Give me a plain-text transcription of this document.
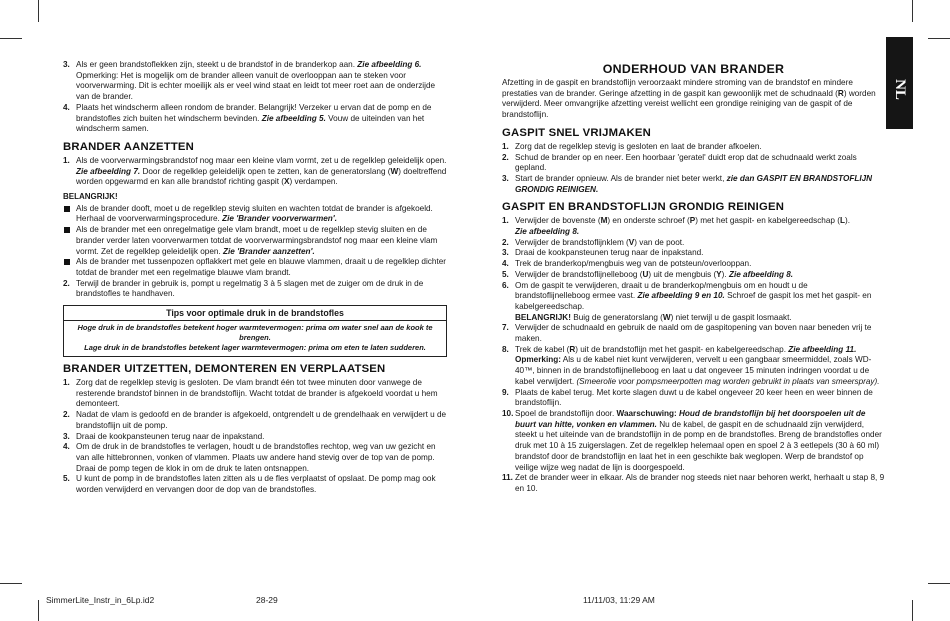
NL
3. Als er geen brandstoflekken zijn, steekt u de brandstof in de branderkop aan. Zie afbeelding 6. Opmerking: Het is mogelijk om de brander alleen vanuit de overlooppan aan te steken voor voorverwarming. Dit is echter moeilijk als er veel wind staat en leidt tot meer roet aan de onderzijde van de brander.
4. Plaats het windscherm alleen rondom de brander. Belangrijk! Verzeker u ervan dat de pomp en de brandstofles zich buiten het windscherm bevinden. Zie afbeelding 5. Vouw de uiteinden van het windscherm samen.
BRANDER AANZETTEN
1. Als de voorverwarmingsbrandstof nog maar een kleine vlam vormt, zet u de regelklep geleidelijk open. Zie afbeelding 7. Door de regelklep geleidelijk open te zetten, kan de generatorslang (W) doeltreffend worden opgewarmd en kan alle brandstof richting gaspit (X) verdampen.
BELANGRIJK!
Als de brander dooft, moet u de regelklep stevig sluiten en wachten totdat de brander is afgekoeld. Herhaal de voorverwarmingsprocedure. Zie 'Brander voorverwarmen'.
Als de brander met een onregelmatige gele vlam brandt, moet u de regelklep stevig sluiten en de brander verder laten voorverwarmen totdat de voorverwarmingsbrandstof nog maar een kleine vlam vormt. Zet de regelklep geleidelijk open. Zie 'Brander aanzetten'.
Als de brander met tussenpozen opflakkert met gele en blauwe vlammen, draait u de regelklep dichter totdat de brander met een regelmatige blauwe vlam brandt.
2. Terwijl de brander in gebruik is, pompt u regelmatig 3 à 5 slagen met de zuiger om de druk in de brandstofles te handhaven.
Tips voor optimale druk in de brandstofles
Hoge druk in de brandstofles betekent hoger warmtevermogen: prima om water snel aan de kook te brengen.
Lage druk in de brandstofles betekent lager warmtevermogen: prima om eten te laten sudderen.
BRANDER UITZETTEN, DEMONTEREN EN VERPLAATSEN
1. Zorg dat de regelklep stevig is gesloten. De vlam brandt één tot twee minuten door vanwege de resterende brandstof binnen in de brandstoflijn. Wacht totdat de brander is afgekoeld voordat u hem demonteert.
2. Nadat de vlam is gedoofd en de brander is afgekoeld, ontgrendelt u de grendelhaak en verwijdert u de brandstoflijn uit de pomp.
3. Draai de kookpansteunen terug naar de inpakstand.
4. Om de druk in de brandstofles te verlagen, houdt u de brandstofles rechtop, weg van uw gezicht en van alle hittebronnen, vonken of vlammen. Plaats uw andere hand stevig over de top van de pomp. Draai de pomp tegen de klok in om de druk te laten ontsnappen.
5. U kunt de pomp in de brandstofles laten zitten als u de fles verplaatst of opslaat. De pomp mag ook worden verwijderd en vervangen door de dop van de brandstofles.
ONDERHOUD VAN BRANDER
Afzetting in de gaspit en brandstoflijn veroorzaakt mindere stroming van de brandstof en mindere prestaties van de brander. Geringe afzetting in de gaspit kan gewoonlijk met de schudnaald (R) worden verwijderd. Meer omvangrijke afzetting vereist wellicht een grondige reiniging van de gaspit of de brandstoflijn.
GASPIT SNEL VRIJMAKEN
1. Zorg dat de regelklep stevig is gesloten en laat de brander afkoelen.
2. Schud de brander op en neer. Een hoorbaar 'geratel' duidt erop dat de schudnaald werkt zoals gepland.
3. Start de brander opnieuw. Als de brander niet beter werkt, zie dan GASPIT EN BRANDSTOFLIJN GRONDIG REINIGEN.
GASPIT EN BRANDSTOFLIJN GRONDIG REINIGEN
1. Verwijder de bovenste (M) en onderste schroef (P) met het gaspit- en kabelgereedschap (L).
Zie afbeelding 8.
2. Verwijder de brandstoflijnklem (V) van de poot.
3. Draai de kookpansteunen terug naar de inpakstand.
4. Trek de branderkop/mengbuis weg van de potsteun/overlooppan.
5. Verwijder de brandstoflijnelleboog (U) uit de mengbuis (Y). Zie afbeelding 8.
6. Om de gaspit te verwijderen, draait u de branderkop/mengbuis om en houdt u de brandstoflijnelleboog ermee vast. Zie afbeelding 9 en 10. Schroef de gaspit los met het gaspit- en kabelgereedschap.
BELANGRIJK! Buig de generatorslang (W) niet terwijl u de gaspit losmaakt.
7. Verwijder de schudnaald en gebruik de naald om de gaspitopening van boven naar beneden vrij te maken.
8. Trek de kabel (R) uit de brandstoflijn met het gaspit- en kabelgereedschap. Zie afbeelding 11. Opmerking: Als u de kabel niet kunt verwijderen, vervelt u een gangbaar smeermiddel, zoals WD-40™, binnen in de brandstoflijnelleboog en laat u dat ongeveer 15 minuten indringen voordat u de kabel verwijdert. (Smeerolie voor pompsmeerpotten mag worden gebruikt in plaats van smeerspray).
9. Plaats de kabel terug. Met korte slagen duwt u de kabel ongeveer 20 keer heen en weer binnen de brandstoflijn.
10. Spoel de brandstoflijn door. Waarschuwing: Houd de brandstoflijn bij het doorspoelen uit de buurt van hitte, vonken en vlammen. Nu de kabel, de gaspit en de schudnaald zijn verwijderd, steekt u het uiteinde van de brandstoflijn in de pomp en de brandstofles. Breng de brandstofles onder druk met 10 à 15 zuigerslagen. Zet de regelklep helemaal open en spoel 2 à 3 eetlepels (30 à 60 ml) brandstof door de brandstoflijn en laat het in een geschikte bak weglopen. Werp de brandstof op veilige wijze weg nadat de lijn is doorgespoeld.
11. Zet de brander weer in elkaar. Als de brander nog steeds niet naar behoren werkt, herhaalt u stap 8, 9 en 10.
SimmerLite_Instr_in_6Lp.id2	28-29	11/11/03, 11:29 AM
